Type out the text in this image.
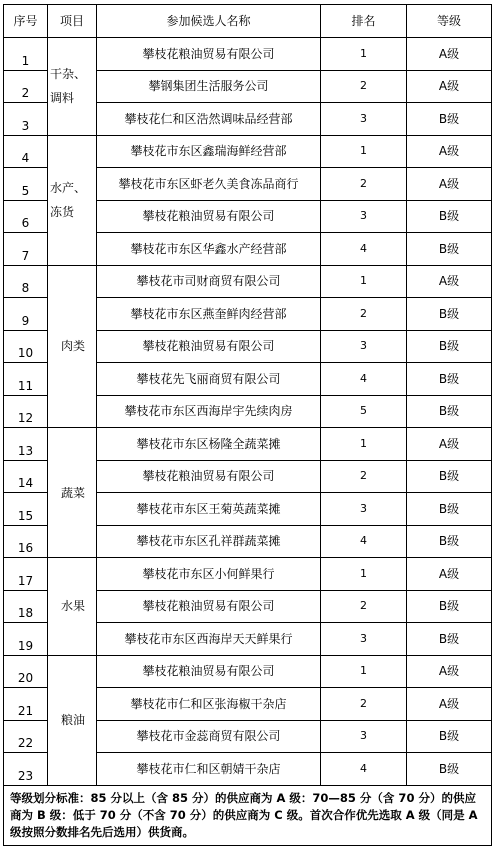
序号	项目	参加候选人名称	排名	等级
1	干杂、调料	攀枝花粮油贸易有限公司	1	A级
2		攀钢集团生活服务公司	2	A级
3		攀枝花仁和区浩然调味品经营部	3	B级
4	水产、冻货	攀枝花市东区鑫瑞海鲜经营部	1	A级
5		攀枝花市东区虾老久美食冻品商行	2	A级
6		攀枝花粮油贸易有限公司	3	B级
7		攀枝花市东区华鑫水产经营部	4	B级
8	肉类	攀枝花市司财商贸有限公司	1	A级
9		攀枝花市东区燕奎鲜肉经营部	2	B级
10		攀枝花粮油贸易有限公司	3	B级
11		攀枝花先飞丽商贸有限公司	4	B级
12		攀枝花市东区西海岸宇先续肉房	5	B级
13	蔬菜	攀枝花市东区杨隆全蔬菜摊	1	A级
14		攀枝花粮油贸易有限公司	2	B级
15		攀枝花市东区王菊英蔬菜摊	3	B级
16		攀枝花市东区孔祥群蔬菜摊	4	B级
17	水果	攀枝花市东区小何鲜果行	1	A级
18		攀枝花粮油贸易有限公司	2	B级
19		攀枝花市东区西海岸天天鲜果行	3	B级
20	粮油	攀枝花粮油贸易有限公司	1	A级
21		攀枝花市仁和区张海椒干杂店	2	A级
22		攀枝花市金蕊商贸有限公司	3	B级
23		攀枝花市仁和区朝婧干杂店	4	B级
等级划分标准：85 分以上（含 85 分）的供应商为 A 级：70—85 分（含 70 分）的供应商为 B 级：低于 70 分（不含 70 分）的供应商为 C 级。首次合作优先选取 A 级（同是 A 级按照分数排名先后选用）供货商。				
